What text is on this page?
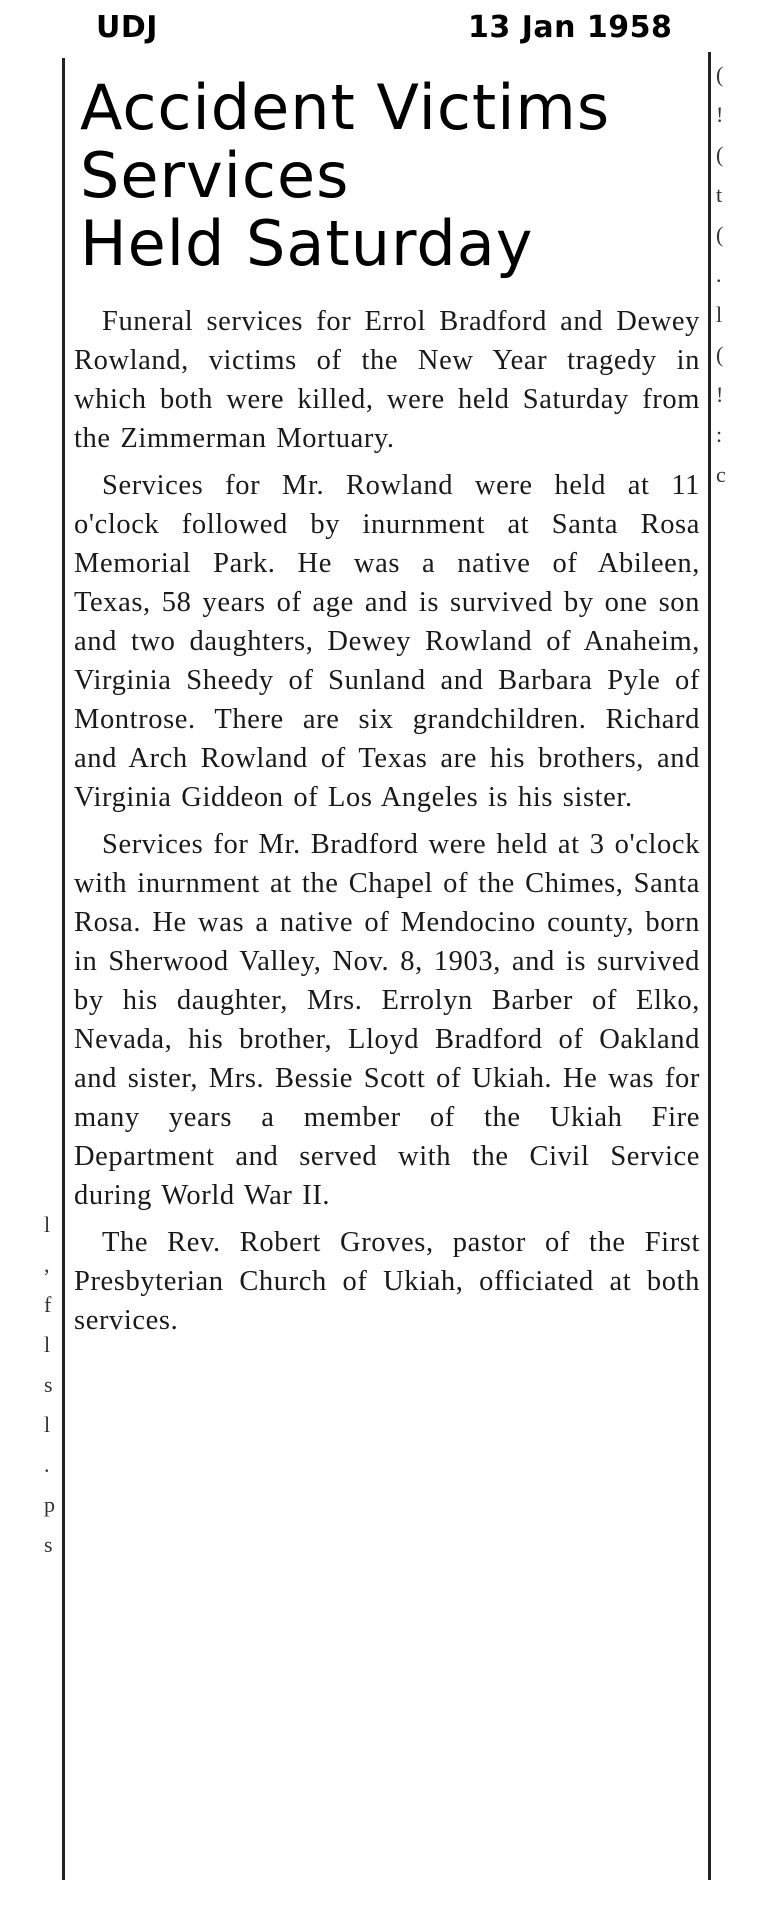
UDJ	13 Jan 1958
l
,
f
l
s
l
.
p
s
(
!
(
t
(
.
l
(
!
:
c
Accident Victims
Services
Held Saturday

Funeral services for Errol Bradford and Dewey Rowland, victims of the New Year tragedy in which both were killed, were held Saturday from the Zimmerman Mortuary.

Services for Mr. Rowland were held at 11 o'clock followed by inurnment at Santa Rosa Memorial Park. He was a native of Abileen, Texas, 58 years of age and is survived by one son and two daughters, Dewey Rowland of Anaheim, Virginia Sheedy of Sunland and Barbara Pyle of Montrose. There are six grandchildren. Richard and Arch Rowland of Texas are his brothers, and Virginia Giddeon of Los Angeles is his sister.

Services for Mr. Bradford were held at 3 o'clock with inurnment at the Chapel of the Chimes, Santa Rosa. He was a native of Mendocino county, born in Sherwood Valley, Nov. 8, 1903, and is survived by his daughter, Mrs. Errolyn Barber of Elko, Nevada, his brother, Lloyd Bradford of Oakland and sister, Mrs. Bessie Scott of Ukiah. He was for many years a member of the Ukiah Fire Department and served with the Civil Service during World War II.

The Rev. Robert Groves, pastor of the First Presbyterian Church of Ukiah, officiated at both services.
